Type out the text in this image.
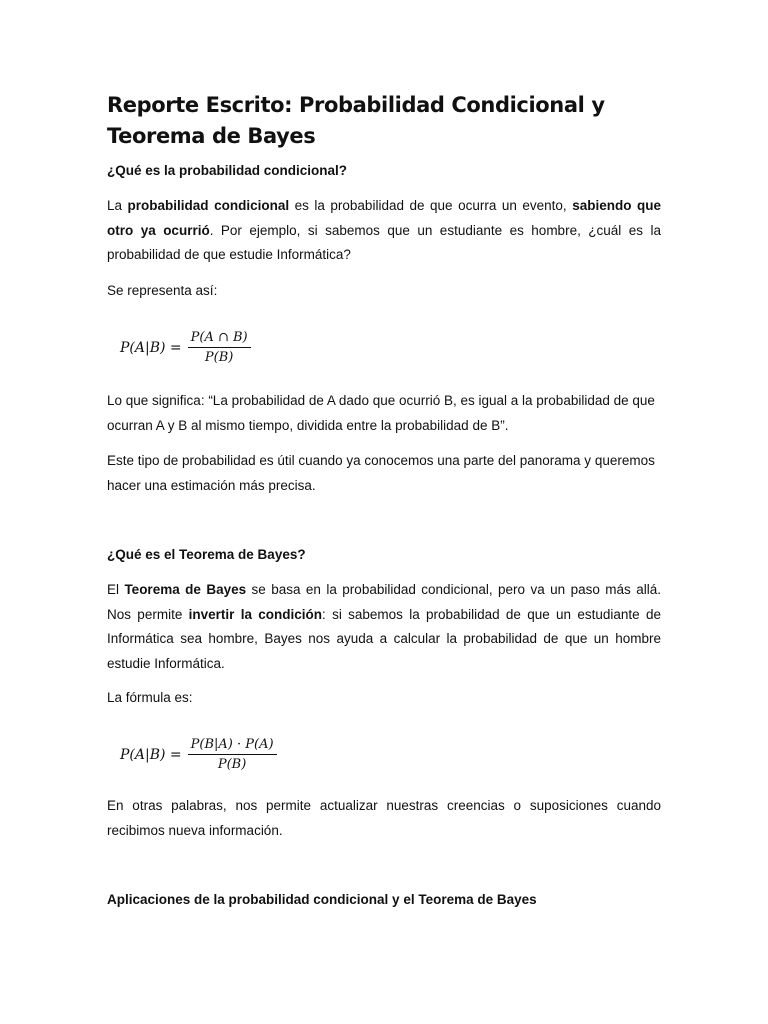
Reporte Escrito: Probabilidad Condicional y Teorema de Bayes
¿Qué es la probabilidad condicional?

La probabilidad condicional es la probabilidad de que ocurra un evento, sabiendo que otro ya ocurrió. Por ejemplo, si sabemos que un estudiante es hombre, ¿cuál es la probabilidad de que estudie Informática?

Se representa así:

$P(A|B) = \frac{P(A \cap B)}{P(B)}$

Lo que significa: “La probabilidad de A dado que ocurrió B, es igual a la probabilidad de que ocurran A y B al mismo tiempo, dividida entre la probabilidad de B”.

Este tipo de probabilidad es útil cuando ya conocemos una parte del panorama y queremos hacer una estimación más precisa.

¿Qué es el Teorema de Bayes?

El Teorema de Bayes se basa en la probabilidad condicional, pero va un paso más allá. Nos permite invertir la condición: si sabemos la probabilidad de que un estudiante de Informática sea hombre, Bayes nos ayuda a calcular la probabilidad de que un hombre estudie Informática.

La fórmula es:

$P(A|B) = \frac{P(B|A) \cdot P(A)}{P(B)}$

En otras palabras, nos permite actualizar nuestras creencias o suposiciones cuando recibimos nueva información.

Aplicaciones de la probabilidad condicional y el Teorema de Bayes
